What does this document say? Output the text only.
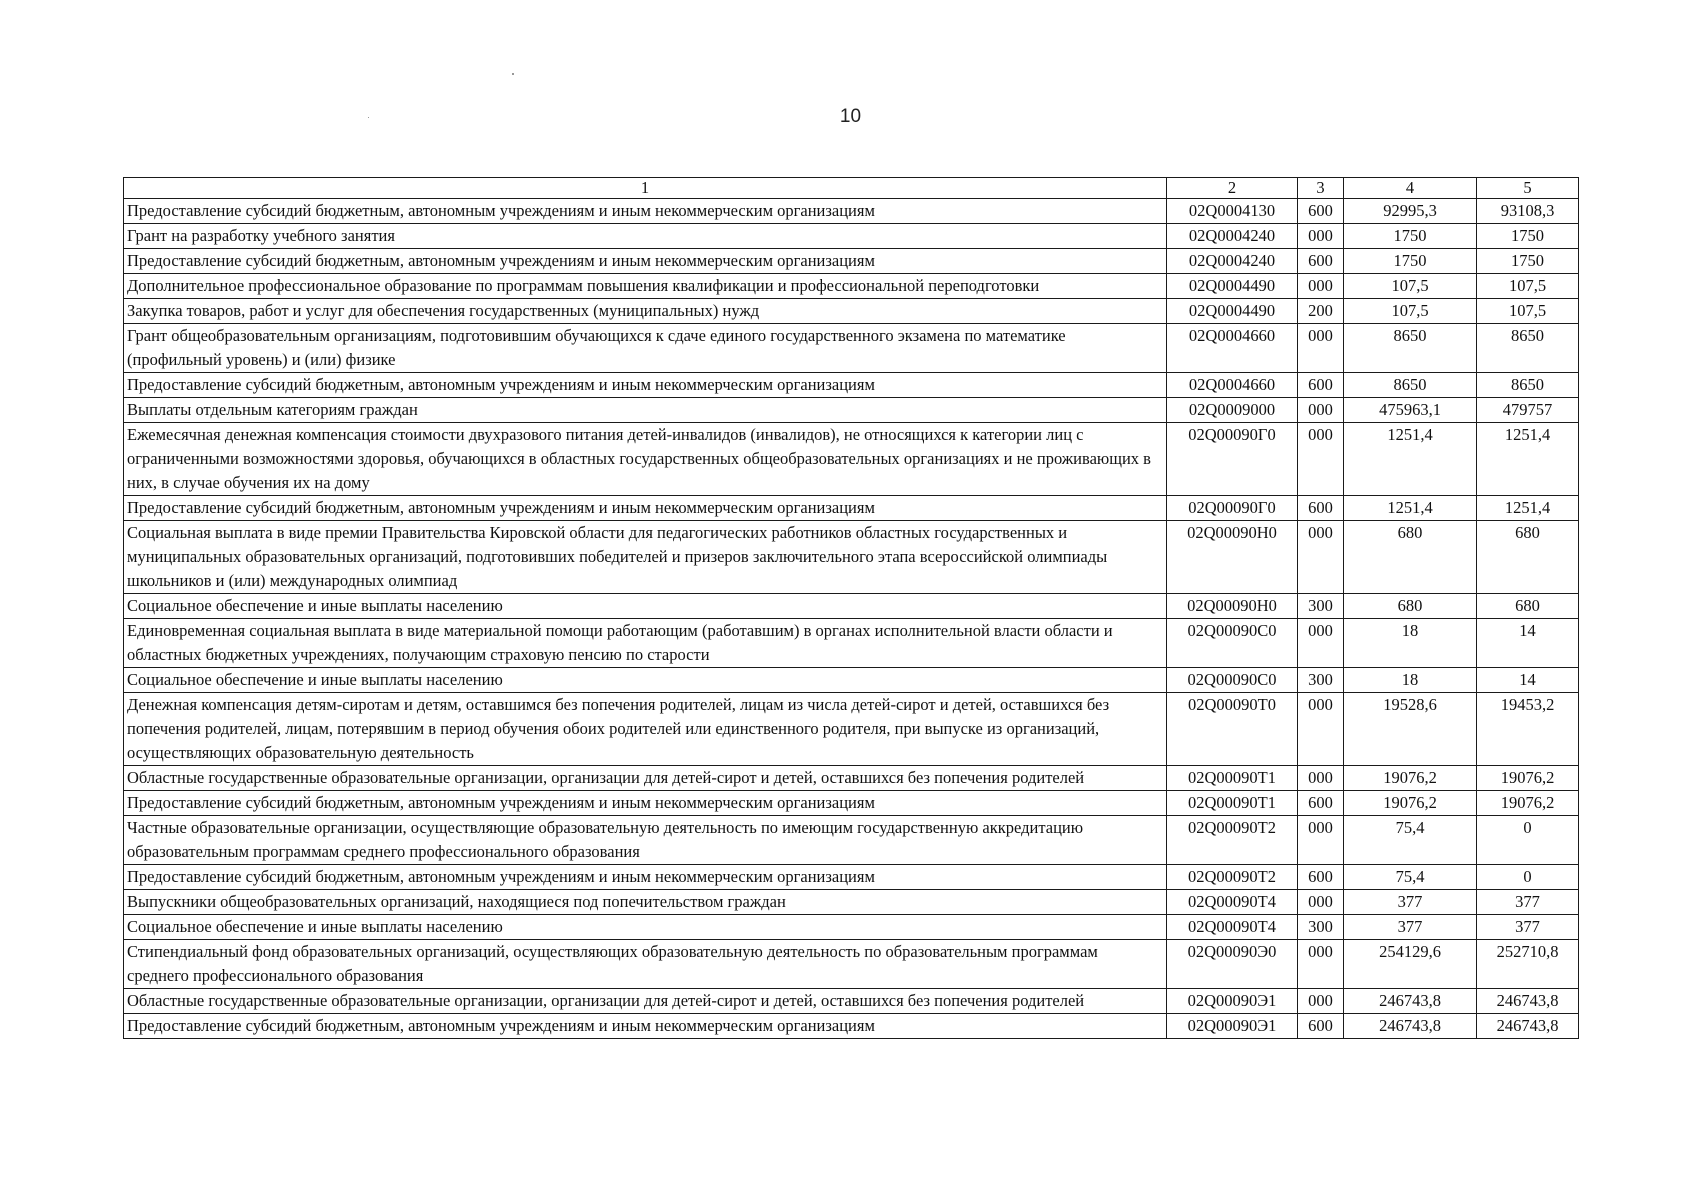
10
1	2	3	4	5
Предоставление субсидий бюджетным, автономным учреждениям и иным некоммерческим организациям	02Q0004130	600	92995,3	93108,3
Грант на разработку учебного занятия	02Q0004240	000	1750	1750
Предоставление субсидий бюджетным, автономным учреждениям и иным некоммерческим организациям	02Q0004240	600	1750	1750
Дополнительное профессиональное образование по программам повышения квалификации и профессиональной переподготовки	02Q0004490	000	107,5	107,5
Закупка товаров, работ и услуг для обеспечения государственных (муниципальных) нужд	02Q0004490	200	107,5	107,5
Грант общеобразовательным организациям, подготовившим обучающихся к сдаче единого государственного экзамена по математике (профильный уровень) и (или) физике	02Q0004660	000	8650	8650
Предоставление субсидий бюджетным, автономным учреждениям и иным некоммерческим организациям	02Q0004660	600	8650	8650
Выплаты отдельным категориям граждан	02Q0009000	000	475963,1	479757
Ежемесячная денежная компенсация стоимости двухразового питания детей-инвалидов (инвалидов), не относящихся к категории лиц с ограниченными возможностями здоровья, обучающихся в областных государственных общеобразовательных организациях и не проживающих в них, в случае обучения их на дому	02Q00090Г0	000	1251,4	1251,4
Предоставление субсидий бюджетным, автономным учреждениям и иным некоммерческим организациям	02Q00090Г0	600	1251,4	1251,4
Социальная выплата в виде премии Правительства Кировской области для педагогических работников областных государственных и муниципальных образовательных организаций, подготовивших победителей и призеров заключительного этапа всероссийской олимпиады школьников и (или) международных олимпиад	02Q00090H0	000	680	680
Социальное обеспечение и иные выплаты населению	02Q00090H0	300	680	680
Единовременная социальная выплата в виде материальной помощи работающим (работавшим) в органах исполнительной власти области и областных бюджетных учреждениях, получающим страховую пенсию по старости	02Q00090C0	000	18	14
Социальное обеспечение и иные выплаты населению	02Q00090C0	300	18	14
Денежная компенсация детям-сиротам и детям, оставшимся без попечения родителей, лицам из числа детей-сирот и детей, оставшихся без попечения родителей, лицам, потерявшим в период обучения обоих родителей или единственного родителя, при выпуске из организаций, осуществляющих образовательную деятельность	02Q00090T0	000	19528,6	19453,2
Областные государственные образовательные организации, организации для детей-сирот и детей, оставшихся без попечения родителей	02Q00090T1	000	19076,2	19076,2
Предоставление субсидий бюджетным, автономным учреждениям и иным некоммерческим организациям	02Q00090T1	600	19076,2	19076,2
Частные образовательные организации, осуществляющие образовательную деятельность по имеющим государственную аккредитацию образовательным программам среднего профессионального образования	02Q00090T2	000	75,4	0
Предоставление субсидий бюджетным, автономным учреждениям и иным некоммерческим организациям	02Q00090T2	600	75,4	0
Выпускники общеобразовательных организаций, находящиеся под попечительством граждан	02Q00090T4	000	377	377
Социальное обеспечение и иные выплаты населению	02Q00090T4	300	377	377
Стипендиальный фонд образовательных организаций, осуществляющих образовательную деятельность по образовательным программам среднего профессионального образования	02Q00090Э0	000	254129,6	252710,8
Областные государственные образовательные организации, организации для детей-сирот и детей, оставшихся без попечения родителей	02Q00090Э1	000	246743,8	246743,8
Предоставление субсидий бюджетным, автономным учреждениям и иным некоммерческим организациям	02Q00090Э1	600	246743,8	246743,8
